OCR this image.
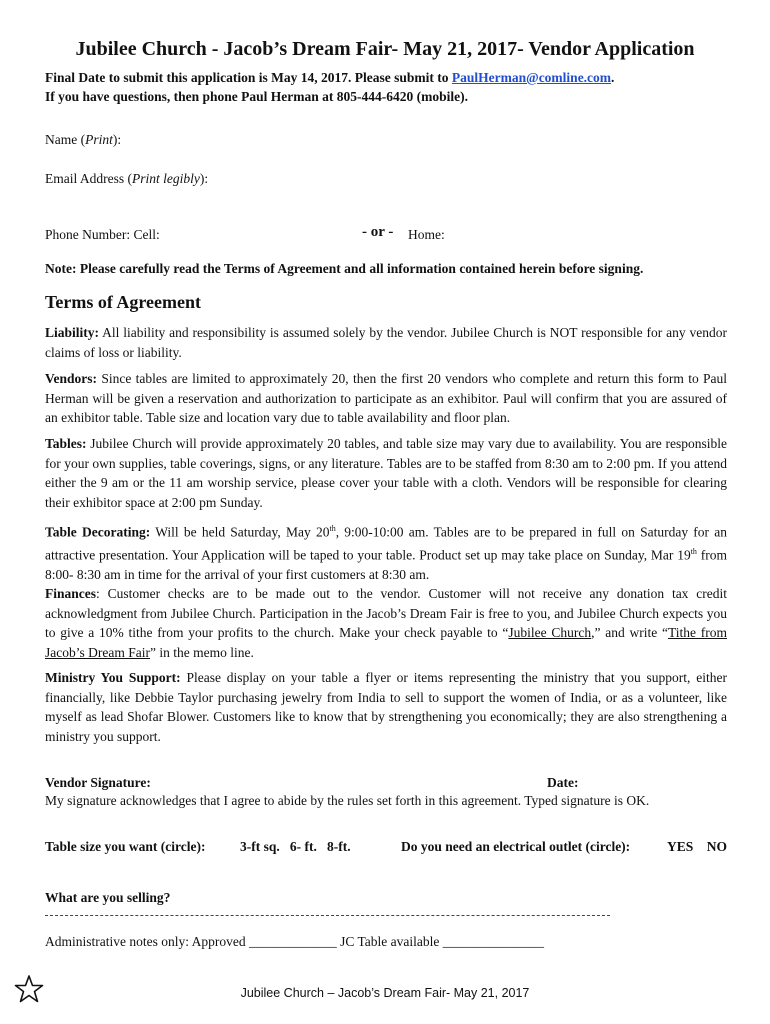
Jubilee Church - Jacob’s Dream Fair- May 21, 2017- Vendor Application
Final Date to submit this application is May 14, 2017. Please submit to PaulHerman@comline.com.
If you have questions, then phone Paul Herman at 805-444-6420 (mobile).
Name (Print):
Email Address (Print legibly):
Phone Number: Cell:	- or - Home:
Note: Please carefully read the Terms of Agreement and all information contained herein before signing.
Terms of Agreement
Liability: All liability and responsibility is assumed solely by the vendor. Jubilee Church is NOT responsible for any vendor claims of loss or liability.
Vendors: Since tables are limited to approximately 20, then the first 20 vendors who complete and return this form to Paul Herman will be given a reservation and authorization to participate as an exhibitor. Paul will confirm that you are assured of an exhibitor table. Table size and location vary due to table availability and floor plan.
Tables: Jubilee Church will provide approximately 20 tables, and table size may vary due to availability. You are responsible for your own supplies, table coverings, signs, or any literature. Tables are to be staffed from 8:30 am to 2:00 pm. If you attend either the 9 am or the 11 am worship service, please cover your table with a cloth. Vendors will be responsible for clearing their exhibitor space at 2:00 pm Sunday.
Table Decorating: Will be held Saturday, May 20th, 9:00-10:00 am. Tables are to be prepared in full on Saturday for an attractive presentation. Your Application will be taped to your table. Product set up may take place on Sunday, Mar 19th from 8:00- 8:30 am in time for the arrival of your first customers at 8:30 am.
Finances: Customer checks are to be made out to the vendor. Customer will not receive any donation tax credit acknowledgment from Jubilee Church. Participation in the Jacob’s Dream Fair is free to you, and Jubilee Church expects you to give a 10% tithe from your profits to the church. Make your check payable to “Jubilee Church,” and write “Tithe from Jacob’s Dream Fair” in the memo line.
Ministry You Support: Please display on your table a flyer or items representing the ministry that you support, either financially, like Debbie Taylor purchasing jewelry from India to sell to support the women of India, or as a volunteer, like myself as lead Shofar Blower. Customers like to know that by strengthening you economically; they are also strengthening a ministry you support.
Vendor Signature:	Date:
My signature acknowledges that I agree to abide by the rules set forth in this agreement. Typed signature is OK.
Table size you want (circle):	3-ft sq.   6- ft.   8-ft.	Do you need an electrical outlet (circle):	YES    NO
What are you selling?
Administrative notes only: Approved _____________ JC Table available _______________
Jubilee Church – Jacob’s Dream Fair- May 21, 2017
